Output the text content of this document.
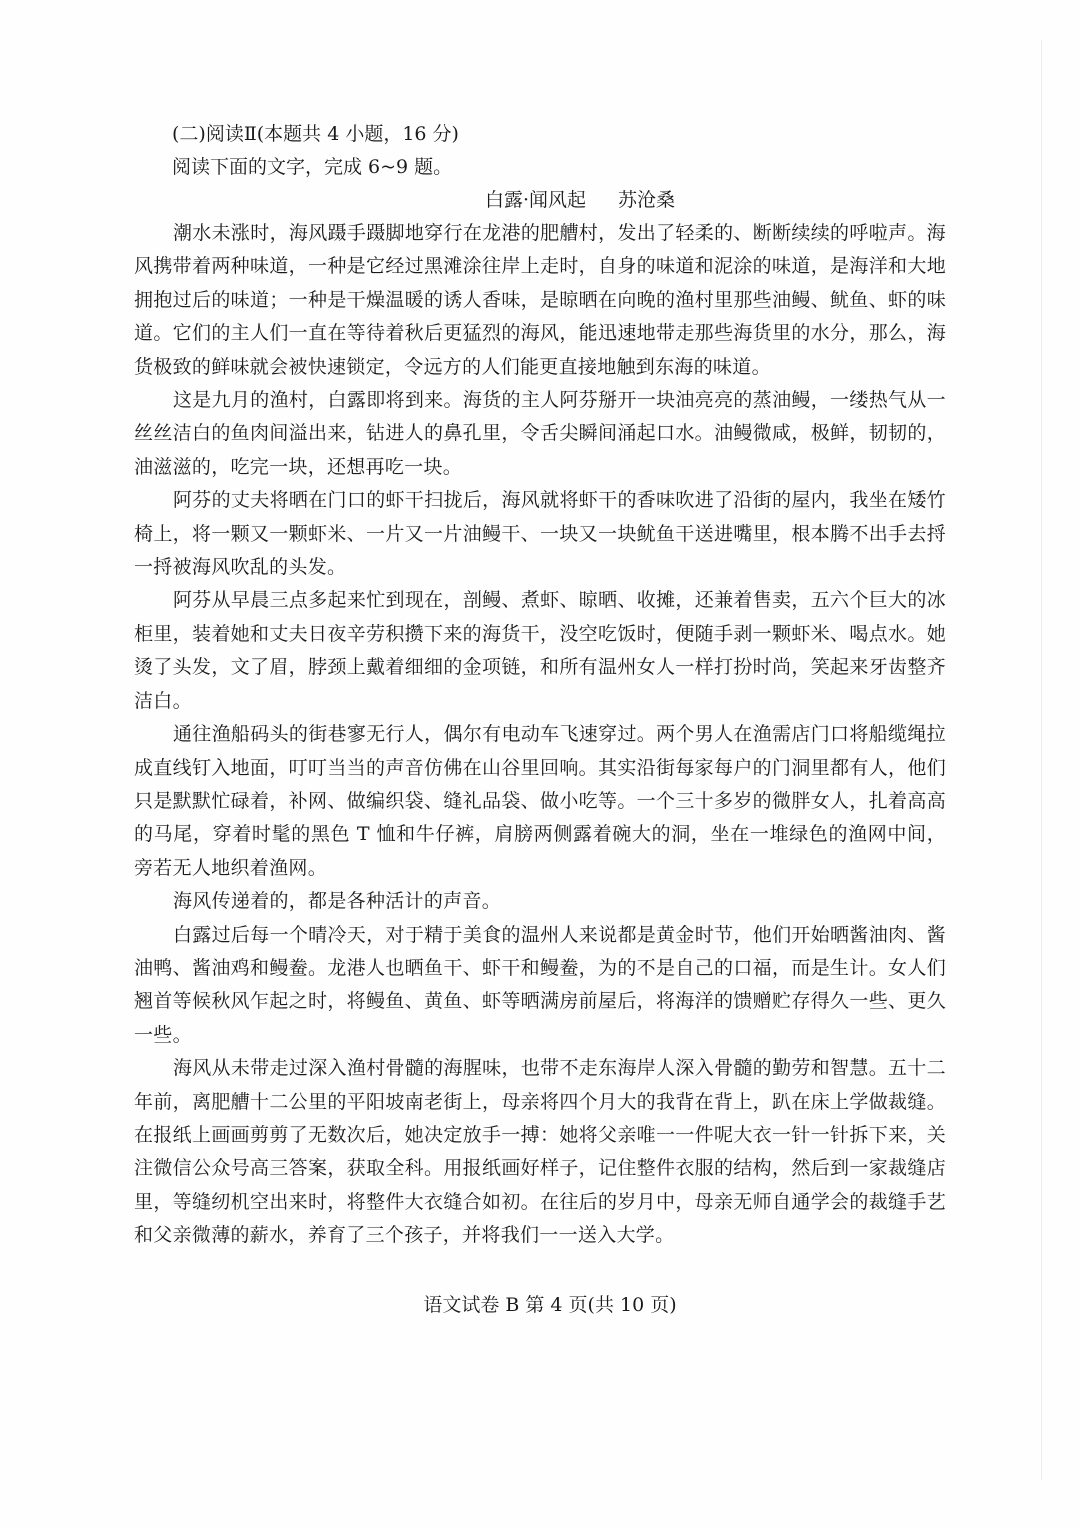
(二)阅读Ⅱ(本题共 4 小题，16 分)

阅读下面的文字，完成 6~9 题。

白露·闻风起 苏沧桑

潮水未涨时，海风蹑手蹑脚地穿行在龙港的肥艚村，发出了轻柔的、断断续续的呼啦声。海风携带着两种味道，一种是它经过黑滩涂往岸上走时，自身的味道和泥涂的味道，是海洋和大地拥抱过后的味道；一种是干燥温暖的诱人香味，是晾晒在向晚的渔村里那些油鳗、鱿鱼、虾的味道。它们的主人们一直在等待着秋后更猛烈的海风，能迅速地带走那些海货里的水分，那么，海货极致的鲜味就会被快速锁定，令远方的人们能更直接地触到东海的味道。

这是九月的渔村，白露即将到来。海货的主人阿芬掰开一块油亮亮的蒸油鳗，一缕热气从一丝丝洁白的鱼肉间溢出来，钻进人的鼻孔里，令舌尖瞬间涌起口水。油鳗微咸，极鲜，韧韧的，油滋滋的，吃完一块，还想再吃一块。

阿芬的丈夫将晒在门口的虾干扫拢后，海风就将虾干的香味吹进了沿街的屋内，我坐在矮竹椅上，将一颗又一颗虾米、一片又一片油鳗干、一块又一块鱿鱼干送进嘴里，根本腾不出手去捋一捋被海风吹乱的头发。

阿芬从早晨三点多起来忙到现在，剖鳗、煮虾、晾晒、收摊，还兼着售卖，五六个巨大的冰柜里，装着她和丈夫日夜辛劳积攒下来的海货干，没空吃饭时，便随手剥一颗虾米、喝点水。她烫了头发，文了眉，脖颈上戴着细细的金项链，和所有温州女人一样打扮时尚，笑起来牙齿整齐洁白。

通往渔船码头的街巷寥无行人，偶尔有电动车飞速穿过。两个男人在渔需店门口将船缆绳拉成直线钉入地面，叮叮当当的声音仿佛在山谷里回响。其实沿街每家每户的门洞里都有人，他们只是默默忙碌着，补网、做编织袋、缝礼品袋、做小吃等。一个三十多岁的微胖女人，扎着高高的马尾，穿着时髦的黑色 T 恤和牛仔裤，肩膀两侧露着碗大的洞，坐在一堆绿色的渔网中间，旁若无人地织着渔网。

海风传递着的，都是各种活计的声音。

白露过后每一个晴冷天，对于精于美食的温州人来说都是黄金时节，他们开始晒酱油肉、酱油鸭、酱油鸡和鳗鲞。龙港人也晒鱼干、虾干和鳗鲞，为的不是自己的口福，而是生计。女人们翘首等候秋风乍起之时，将鳗鱼、黄鱼、虾等晒满房前屋后，将海洋的馈赠贮存得久一些、更久一些。

海风从未带走过深入渔村骨髓的海腥味，也带不走东海岸人深入骨髓的勤劳和智慧。五十二年前，离肥艚十二公里的平阳坡南老街上，母亲将四个月大的我背在背上，趴在床上学做裁缝。在报纸上画画剪剪了无数次后，她决定放手一搏：她将父亲唯一一件呢大衣一针一针拆下来，关注微信公众号高三答案，获取全科。用报纸画好样子，记住整件衣服的结构，然后到一家裁缝店里，等缝纫机空出来时，将整件大衣缝合如初。在往后的岁月中，母亲无师自通学会的裁缝手艺和父亲微薄的薪水，养育了三个孩子，并将我们一一送入大学。

语文试卷 B 第 4 页(共 10 页)
